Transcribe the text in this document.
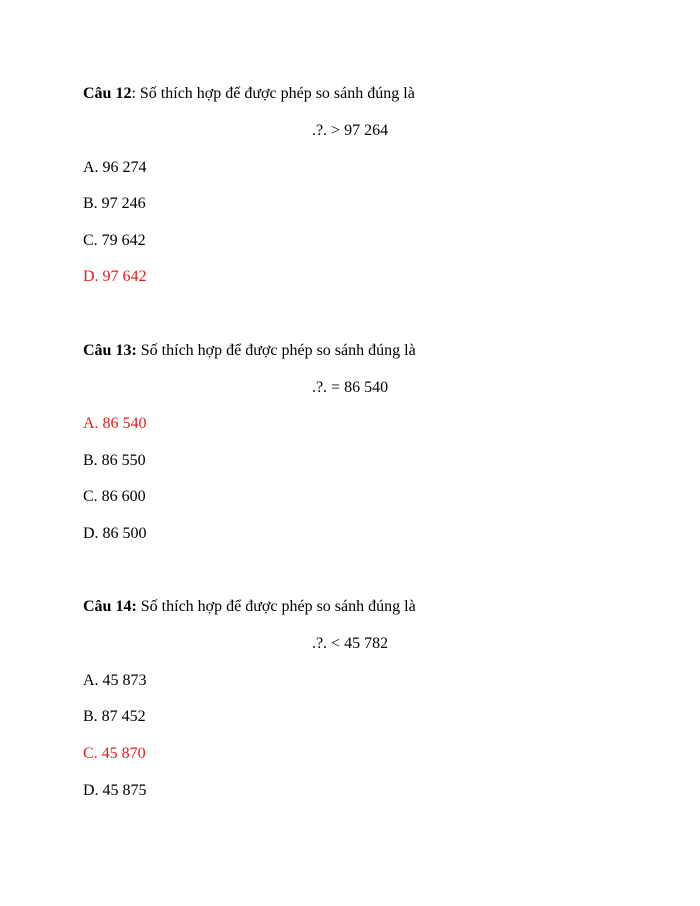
Câu 12: Số thích hợp để được phép so sánh đúng là
.?. > 97 264
A. 96 274
B. 97 246
C. 79 642
D. 97 642
Câu 13: Số thích hợp để được phép so sánh đúng là
.?. = 86 540
A. 86 540
B. 86 550
C. 86 600
D. 86 500
Câu 14: Số thích hợp để được phép so sánh đúng là
.?. < 45 782
A. 45 873
B. 87 452
C. 45 870
D. 45 875
